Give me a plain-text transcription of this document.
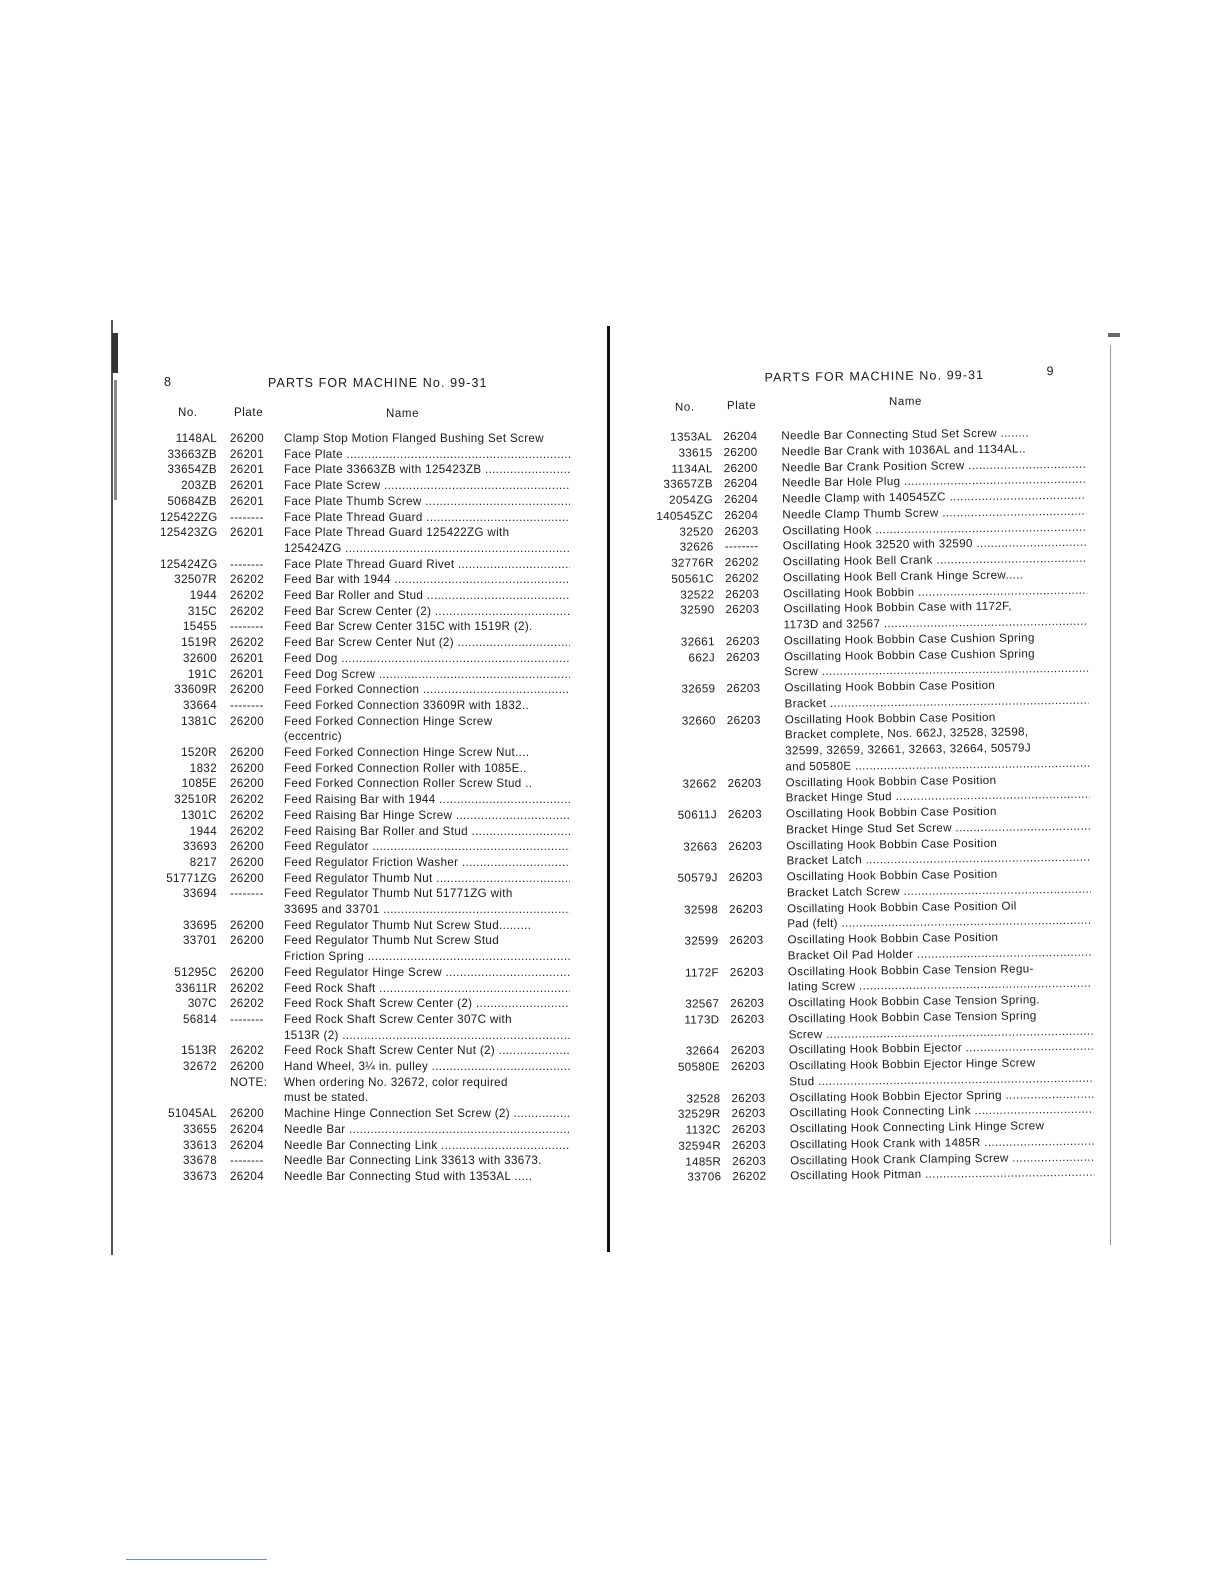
8	PARTS FOR MACHINE No. 99-31
No.	Plate	Name
1148AL 26200 Clamp Stop Motion Flanged Bushing Set Screw
33663ZB 26201 Face Plate .....
33654ZB 26201 Face Plate 33663ZB with 125423ZB .....
203ZB 26201 Face Plate Screw .....
50684ZB 26201 Face Plate Thumb Screw .....
125422ZG -------- Face Plate Thread Guard .....
125423ZG 26201 Face Plate Thread Guard 125422ZG with
125424ZG .....
125424ZG -------- Face Plate Thread Guard Rivet .....
32507R 26202 Feed Bar with 1944 .....
1944 26202 Feed Bar Roller and Stud .....
315C 26202 Feed Bar Screw Center (2) .....
15455 -------- Feed Bar Screw Center 315C with 1519R (2).
1519R 26202 Feed Bar Screw Center Nut (2) .....
32600 26201 Feed Dog .....
191C 26201 Feed Dog Screw .....
33609R 26200 Feed Forked Connection .....
33664 -------- Feed Forked Connection 33609R with 1832..
1381C 26200 Feed Forked Connection Hinge Screw
(eccentric)
1520R 26200 Feed Forked Connection Hinge Screw Nut....
1832 26200 Feed Forked Connection Roller with 1085E..
1085E 26200 Feed Forked Connection Roller Screw Stud ..
32510R 26202 Feed Raising Bar with 1944 .....
1301C 26202 Feed Raising Bar Hinge Screw .....
1944 26202 Feed Raising Bar Roller and Stud .....
33693 26200 Feed Regulator .....
8217 26200 Feed Regulator Friction Washer .....
51771ZG 26200 Feed Regulator Thumb Nut .....
33694 -------- Feed Regulator Thumb Nut 51771ZG with
33695 and 33701 .....
33695 26200 Feed Regulator Thumb Nut Screw Stud.........
33701 26200 Feed Regulator Thumb Nut Screw Stud
Friction Spring .....
51295C 26200 Feed Regulator Hinge Screw .....
33611R 26202 Feed Rock Shaft .....
307C 26202 Feed Rock Shaft Screw Center (2) .....
56814 -------- Feed Rock Shaft Screw Center 307C with
1513R (2) .....
1513R 26202 Feed Rock Shaft Screw Center Nut (2) .....
32672 26200 Hand Wheel, 3¼ in. pulley .....
NOTE: When ordering No. 32672, color required
must be stated.
51045AL 26200 Machine Hinge Connection Set Screw (2) .....
33655 26204 Needle Bar .....
33613 26204 Needle Bar Connecting Link .....
33678 -------- Needle Bar Connecting Link 33613 with 33673.
33673 26204 Needle Bar Connecting Stud with 1353AL .....
PARTS FOR MACHINE No. 99-31	9
No.	Plate	Name
1353AL 26204 Needle Bar Connecting Stud Set Screw ........
33615 26200 Needle Bar Crank with 1036AL and 1134AL..
1134AL 26200 Needle Bar Crank Position Screw .....
33657ZB 26204 Needle Bar Hole Plug .....
2054ZG 26204 Needle Clamp with 140545ZC .....
140545ZC 26204 Needle Clamp Thumb Screw .....
32520 26203 Oscillating Hook .....
32626 -------- Oscillating Hook 32520 with 32590 .....
32776R 26202 Oscillating Hook Bell Crank .....
50561C 26202 Oscillating Hook Bell Crank Hinge Screw.....
32522 26203 Oscillating Hook Bobbin .....
32590 26203 Oscillating Hook Bobbin Case with 1172F,
1173D and 32567 .....
32661 26203 Oscillating Hook Bobbin Case Cushion Spring
662J 26203 Oscillating Hook Bobbin Case Cushion Spring
Screw .....
32659 26203 Oscillating Hook Bobbin Case Position
Bracket .....
32660 26203 Oscillating Hook Bobbin Case Position
Bracket complete, Nos. 662J, 32528, 32598,
32599, 32659, 32661, 32663, 32664, 50579J
and 50580E .....
32662 26203 Oscillating Hook Bobbin Case Position
Bracket Hinge Stud .....
50611J 26203 Oscillating Hook Bobbin Case Position
Bracket Hinge Stud Set Screw .....
32663 26203 Oscillating Hook Bobbin Case Position
Bracket Latch .....
50579J 26203 Oscillating Hook Bobbin Case Position
Bracket Latch Screw .....
32598 26203 Oscillating Hook Bobbin Case Position Oil
Pad (felt) .....
32599 26203 Oscillating Hook Bobbin Case Position
Bracket Oil Pad Holder .....
1172F 26203 Oscillating Hook Bobbin Case Tension Regu-
lating Screw .....
32567 26203 Oscillating Hook Bobbin Case Tension Spring.
1173D 26203 Oscillating Hook Bobbin Case Tension Spring
Screw .....
32664 26203 Oscillating Hook Bobbin Ejector .....
50580E 26203 Oscillating Hook Bobbin Ejector Hinge Screw
Stud .....
32528 26203 Oscillating Hook Bobbin Ejector Spring .....
32529R 26203 Oscillating Hook Connecting Link .....
1132C 26203 Oscillating Hook Connecting Link Hinge Screw
32594R 26203 Oscillating Hook Crank with 1485R .....
1485R 26203 Oscillating Hook Crank Clamping Screw .....
33706 26202 Oscillating Hook Pitman .....
